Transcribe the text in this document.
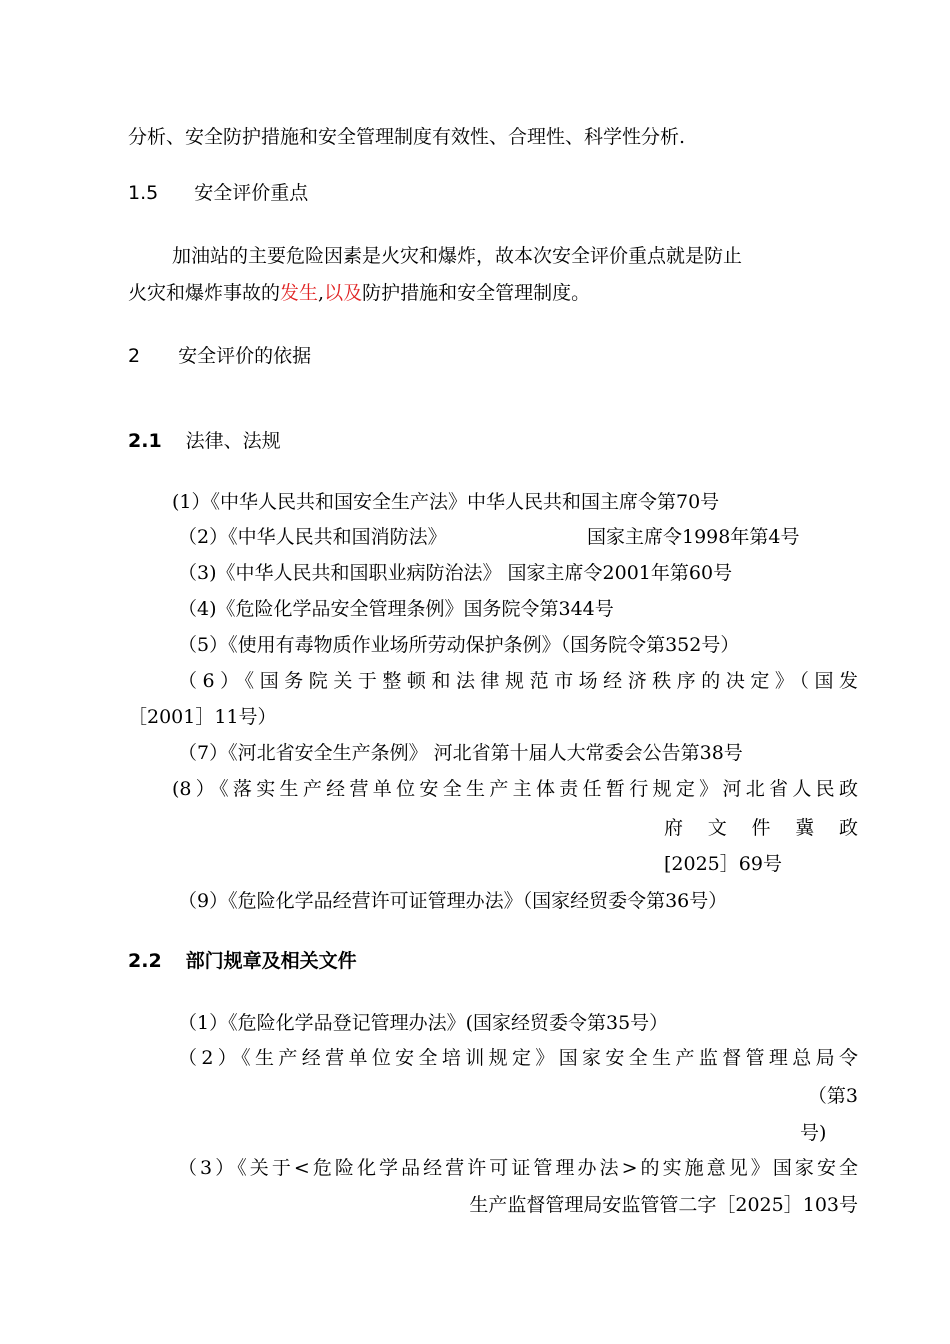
分析、安全防护措施和安全管理制度有效性、合理性、科学性分析.
1.5 安全评价重点
加油站的主要危险因素是火灾和爆炸，故本次安全评价重点就是防止
火灾和爆炸事故的发生,以及防护措施和安全管理制度。
2 安全评价的依据
2.1 法律、法规
(1）《中华人民共和国安全生产法》中华人民共和国主席令第70号
（2）《中华人民共和国消防法》	国家主席令1998年第4号
（3)《中华人民共和国职业病防治法》 国家主席令2001年第60号
（4)《危险化学品安全管理条例》国务院令第344号
（5）《使用有毒物质作业场所劳动保护条例》（国务院令第352号）
（6）《国务院关于整顿和法律规范市场经济秩序的决定》（国发
［2001］11号）
（7）《河北省安全生产条例》 河北省第十届人大常委会公告第38号
(8）《落实生产经营单位安全生产主体责任暂行规定》河北省人民政
府 文 件 冀 政
[2025］69号
（9）《危险化学品经营许可证管理办法》（国家经贸委令第36号）
2.2 部门规章及相关文件
（1）《危险化学品登记管理办法》(国家经贸委令第35号）
（2）《生产经营单位安全培训规定》国家安全生产监督管理总局令
（第3
号)
（3）《关于<危险化学品经营许可证管理办法>的实施意见》国家安全
生产监督管理局安监管管二字［2025］103号
